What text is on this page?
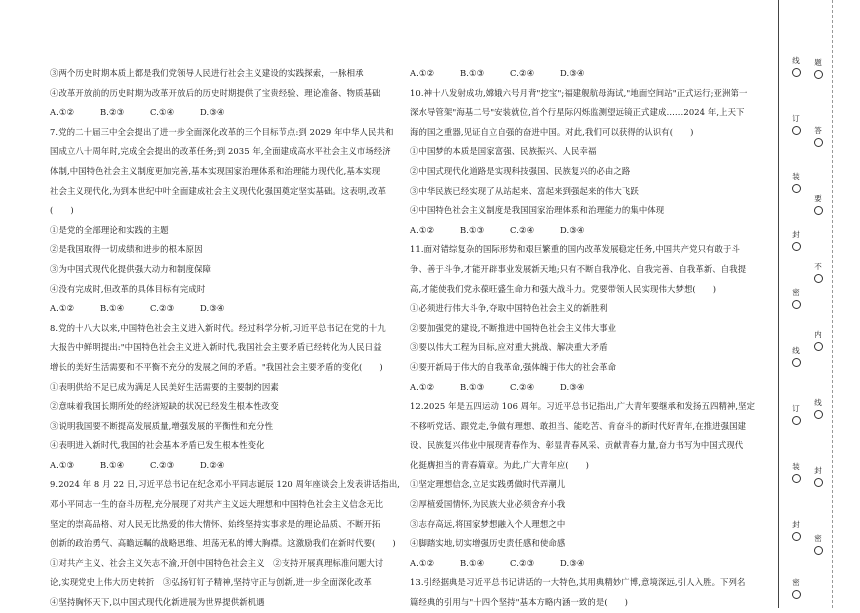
③两个历史时期本质上都是我们党领导人民进行社会主义建设的实践探索，一脉相承
④改革开放前的历史时期为改革开放后的历史时期提供了宝贵经验、理论准备、物质基础
A.①②	B.②③	C.①④	D.③④
7.党的二十届三中全会提出了进一步全面深化改革的三个目标节点:到 2029 年中华人民共和
国成立八十周年时,完成全会提出的改革任务;到 2035 年,全面建成高水平社会主义市场经济
体制,中国特色社会主义制度更加完善,基本实现国家治理体系和治理能力现代化,基本实现
社会主义现代化,为到本世纪中叶全面建成社会主义现代化强国奠定坚实基础。这表明,改革
(　　)
①是党的全部理论和实践的主题
②是我国取得一切成绩和进步的根本原因
③为中国式现代化提供强大动力和制度保障
④没有完成时,但改革的具体目标有完成时
A.①②	B.①④	C.②③	D.③④
8.党的十八大以来,中国特色社会主义进入新时代。经过科学分析,习近平总书记在党的十九
大报告中鲜明提出:"中国特色社会主义进入新时代,我国社会主要矛盾已经转化为人民日益
增长的美好生活需要和不平衡不充分的发展之间的矛盾。"我国社会主要矛盾的变化(　　)
①表明供给不足已成为满足人民美好生活需要的主要制约因素
②意味着我国长期所处的经济短缺的状况已经发生根本性改变
③说明我国要不断提高发展质量,增强发展的平衡性和充分性
④表明进入新时代,我国的社会基本矛盾已发生根本性变化
A.①③	B.①④	C.②③	D.②④
9.2024 年 8 月 22 日,习近平总书记在纪念邓小平同志诞辰 120 周年座谈会上发表讲话指出,
邓小平同志一生的奋斗历程,充分展现了对共产主义远大理想和中国特色社会主义信念无比
坚定的崇高品格、对人民无比热爱的伟大情怀、始终坚持实事求是的理论品质、不断开拓
创新的政治勇气、高瞻远瞩的战略思维、坦荡无私的博大胸襟。这激励我们在新时代要(　　)
①对共产主义、社会主义矢志不渝,开创中国特色社会主义　②支持开展真理标准问题大讨
论,实现党史上伟大历史转折　③弘扬钉钉子精神,坚持守正与创新,进一步全面深化改革
④坚持胸怀天下,以中国式现代化新进展为世界提供新机遇
A.①②	B.①③	C.②④	D.③④
10.神十八发射成功,嫦娥六号月背"挖宝";福建舰航母海试,"地面空间站"正式运行;亚洲第一
深水导管架"海基二号"安装就位,首个行星际闪烁监测望远镜正式建成……2024 年,上天下
海的国之重器,见证自立自强的奋进中国。对此,我们可以获得的认识有(　　)
①中国梦的本质是国家富强、民族振兴、人民幸福
②中国式现代化道路是实现科技强国、民族复兴的必由之路
③中华民族已经实现了从站起来、富起来到强起来的伟大飞跃
④中国特色社会主义制度是我国国家治理体系和治理能力的集中体现
A.①②	B.①③	C.②④	D.③④
11.面对错综复杂的国际形势和艰巨繁重的国内改革发展稳定任务,中国共产党只有敢于斗
争、善于斗争,才能开辟事业发展新天地;只有不断自我净化、自我完善、自我革新、自我提
高,才能使我们党永葆旺盛生命力和强大战斗力。党要带领人民实现伟大梦想(　　)
①必须进行伟大斗争,夺取中国特色社会主义的新胜利
②要加强党的建设,不断推进中国特色社会主义伟大事业
③要以伟大工程为目标,应对重大挑战、解决重大矛盾
④要开新局于伟大的自我革命,强体魄于伟大的社会革命
A.①②	B.①③	C.②④	D.③④
12.2025 年是五四运动 106 周年。习近平总书记指出,广大青年要继承和发扬五四精神,坚定
不移听党话、跟党走,争做有理想、敢担当、能吃苦、肯奋斗的新时代好青年,在推进强国建
设、民族复兴伟业中展现青春作为、彰显青春风采、贡献青春力量,奋力书写为中国式现代
化挺膺担当的青春篇章。为此,广大青年应(　　)
①坚定理想信念,立足实践勇做时代弄潮儿
②厚植爱国情怀,为民族大业必须舍弃小我
③志存高远,将国家梦想融入个人理想之中
④脚踏实地,切实增强历史责任感和使命感
A.①②	B.①④	C.②③	D.③④
13.引经据典是习近平总书记讲话的一大特色,其用典精妙广博,意境深远,引人入胜。下列名
篇经典的引用与"十四个坚持"基本方略内涵一致的是(　　)
线
订
装
封
密
线
订
装
封
密
题
答
要
不
内
线
封
密
